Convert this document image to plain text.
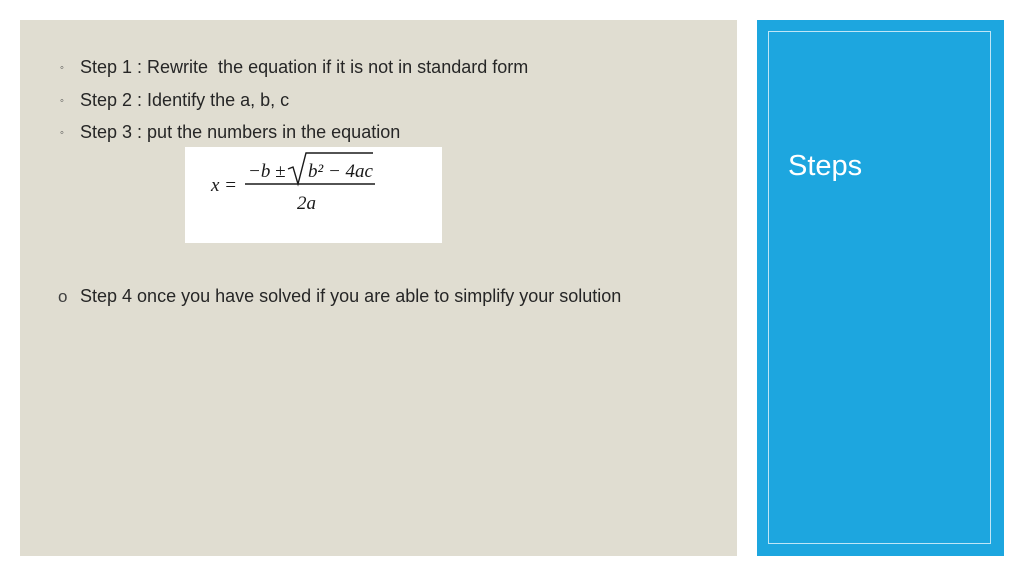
◦ Step 1 : Rewrite  the equation if it is not in standard form
◦ Step 2 : Identify the a, b, c
◦ Step 3 : put the numbers in the equation
x =
−b ± b² − 4ac
2a
o Step 4 once you have solved if you are able to simplify your solution
Steps
